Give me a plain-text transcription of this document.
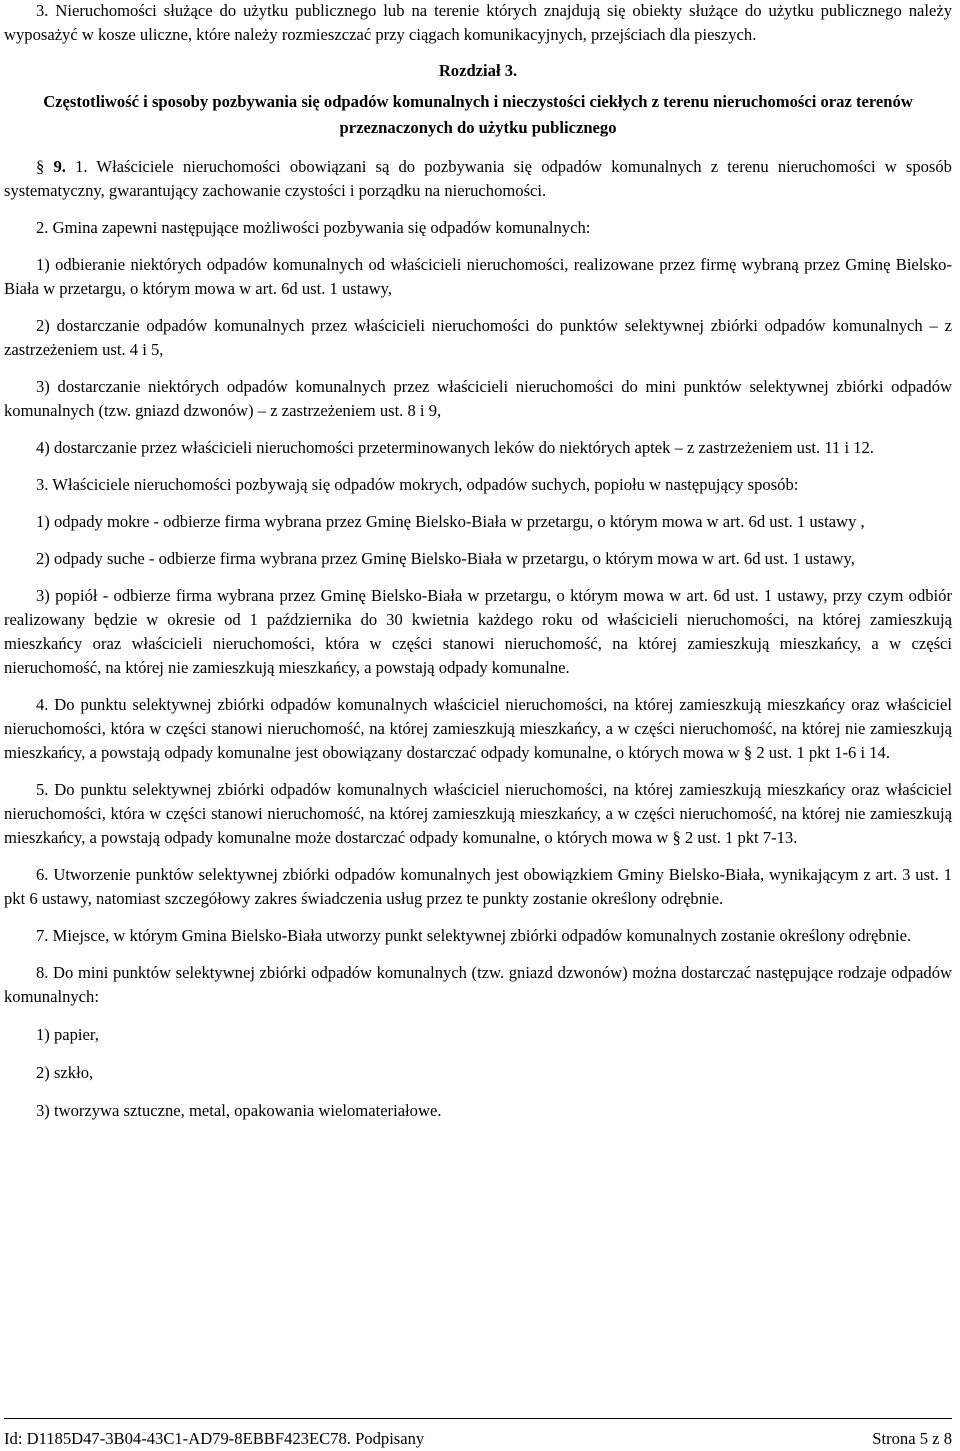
3. Nieruchomości służące do użytku publicznego lub na terenie których znajdują się obiekty służące do użytku publicznego należy wyposażyć w kosze uliczne, które należy rozmieszczać przy ciągach komunikacyjnych, przejściach dla pieszych.

Rozdział 3.

Częstotliwość i sposoby pozbywania się odpadów komunalnych i nieczystości ciekłych z terenu nieruchomości oraz terenów przeznaczonych do użytku publicznego

§ 9. 1. Właściciele nieruchomości obowiązani są do pozbywania się odpadów komunalnych z terenu nieruchomości w sposób systematyczny, gwarantujący zachowanie czystości i porządku na nieruchomości.

2. Gmina zapewni następujące możliwości pozbywania się odpadów komunalnych:

1) odbieranie niektórych odpadów komunalnych od właścicieli nieruchomości, realizowane przez firmę wybraną przez Gminę Bielsko-Biała w przetargu, o którym mowa w art. 6d ust. 1 ustawy,

2) dostarczanie odpadów komunalnych przez właścicieli nieruchomości do punktów selektywnej zbiórki odpadów komunalnych – z zastrzeżeniem ust. 4 i 5,

3) dostarczanie niektórych odpadów komunalnych przez właścicieli nieruchomości do mini punktów selektywnej zbiórki odpadów komunalnych (tzw. gniazd dzwonów) – z zastrzeżeniem ust. 8 i 9,

4) dostarczanie przez właścicieli nieruchomości przeterminowanych leków do niektórych aptek – z zastrzeżeniem ust. 11 i 12.

3. Właściciele nieruchomości pozbywają się odpadów mokrych, odpadów suchych, popiołu w następujący sposób:

1) odpady mokre - odbierze firma wybrana przez Gminę Bielsko-Biała w przetargu, o którym mowa w art. 6d ust. 1 ustawy ,

2) odpady suche - odbierze firma wybrana przez Gminę Bielsko-Biała w przetargu, o którym mowa w art. 6d ust. 1 ustawy,

3) popiół - odbierze firma wybrana przez Gminę Bielsko-Biała w przetargu, o którym mowa w art. 6d ust. 1 ustawy, przy czym odbiór realizowany będzie w okresie od 1 października do 30 kwietnia każdego roku od właścicieli nieruchomości, na której zamieszkują mieszkańcy oraz właścicieli nieruchomości, która w części stanowi nieruchomość, na której zamieszkują mieszkańcy, a w części nieruchomość, na której nie zamieszkują mieszkańcy, a powstają odpady komunalne.

4. Do punktu selektywnej zbiórki odpadów komunalnych właściciel nieruchomości, na której zamieszkują mieszkańcy oraz właściciel nieruchomości, która w części stanowi nieruchomość, na której zamieszkują mieszkańcy, a w części nieruchomość, na której nie zamieszkują mieszkańcy, a powstają odpady komunalne jest obowiązany dostarczać odpady komunalne, o których mowa w § 2 ust. 1 pkt 1-6 i 14.

5. Do punktu selektywnej zbiórki odpadów komunalnych właściciel nieruchomości, na której zamieszkują mieszkańcy oraz właściciel nieruchomości, która w części stanowi nieruchomość, na której zamieszkują mieszkańcy, a w części nieruchomość, na której nie zamieszkują mieszkańcy, a powstają odpady komunalne może dostarczać odpady komunalne, o których mowa w § 2 ust. 1 pkt 7-13.

6. Utworzenie punktów selektywnej zbiórki odpadów komunalnych jest obowiązkiem Gminy Bielsko-Biała, wynikającym z art. 3 ust. 1 pkt 6 ustawy, natomiast szczegółowy zakres świadczenia usług przez te punkty zostanie określony odrębnie.

7. Miejsce, w którym Gmina Bielsko-Biała utworzy punkt selektywnej zbiórki odpadów komunalnych zostanie określony odrębnie.

8. Do mini punktów selektywnej zbiórki odpadów komunalnych (tzw. gniazd dzwonów) można dostarczać następujące rodzaje odpadów komunalnych:

1) papier,

2) szkło,

3) tworzywa sztuczne, metal, opakowania wielomateriałowe.

Id: D1185D47-3B04-43C1-AD79-8EBBF423EC78. Podpisany	Strona 5 z 8
